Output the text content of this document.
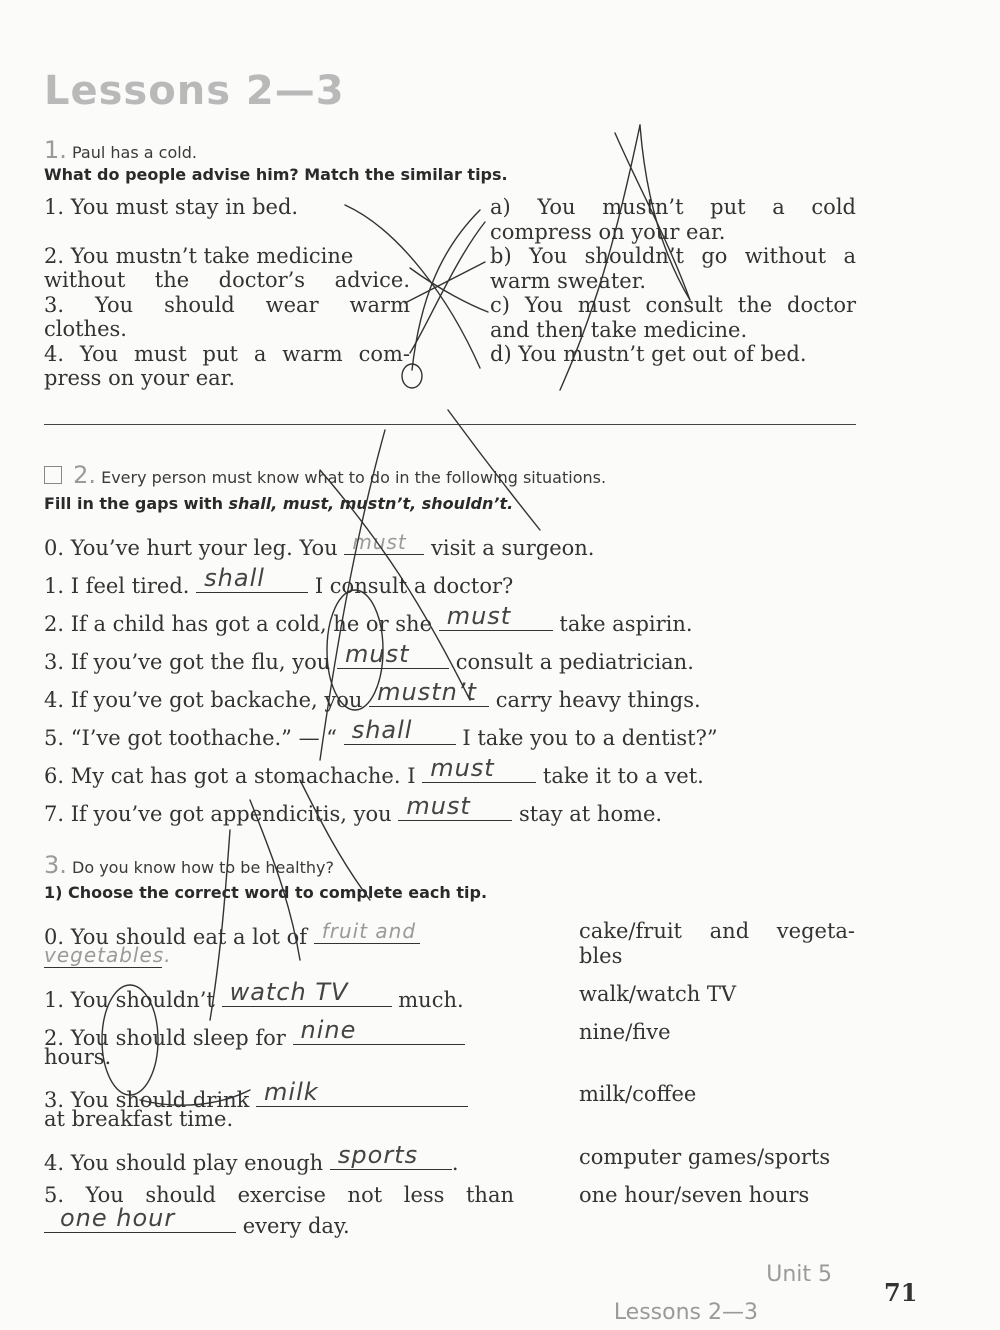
Lessons 2—3
1. Paul has a cold.
What do people advise him? Match the similar tips.
1. You must stay in bed.
2. You mustn’t take medicine
without the doctor’s advice.
3. You should wear warm
clothes.
4. You must put a warm com-
press on your ear.
a) You mustn’t put a cold
compress on your ear.
b) You shouldn’t go without a
warm sweater.
c) You must consult the doctor
and then take medicine.
d) You mustn’t get out of bed.
2. Every person must know what to do in the following situations.
Fill in the gaps with shall, must, mustn’t, shouldn’t.
0. You’ve hurt your leg. You must visit a surgeon.
1. I feel tired. shall I consult a doctor?
2. If a child has got a cold, he or she must take aspirin.
3. If you’ve got the flu, you must consult a pediatrician.
4. If you’ve got backache, you mustn’t carry heavy things.
5. “I’ve got toothache.” — “ shall I take you to a dentist?”
6. My cat has got a stomachache. I must take it to a vet.
7. If you’ve got appendicitis, you must stay at home.
3. Do you know how to be healthy?
1) Choose the correct word to complete each tip.
0. You should eat a lot of fruit and
vegetables.
cake/fruit and vegeta-
bles
1. You shouldn’t watch TV much.	walk/watch TV
2. You should sleep for nine
hours.
nine/five
3. You should drink milk
at breakfast time.
milk/coffee
4. You should play enough sports .	computer games/sports
5. You should exercise not less than
one hour	every day.
one hour/seven hours
Unit 5
Lessons 2—3
71
